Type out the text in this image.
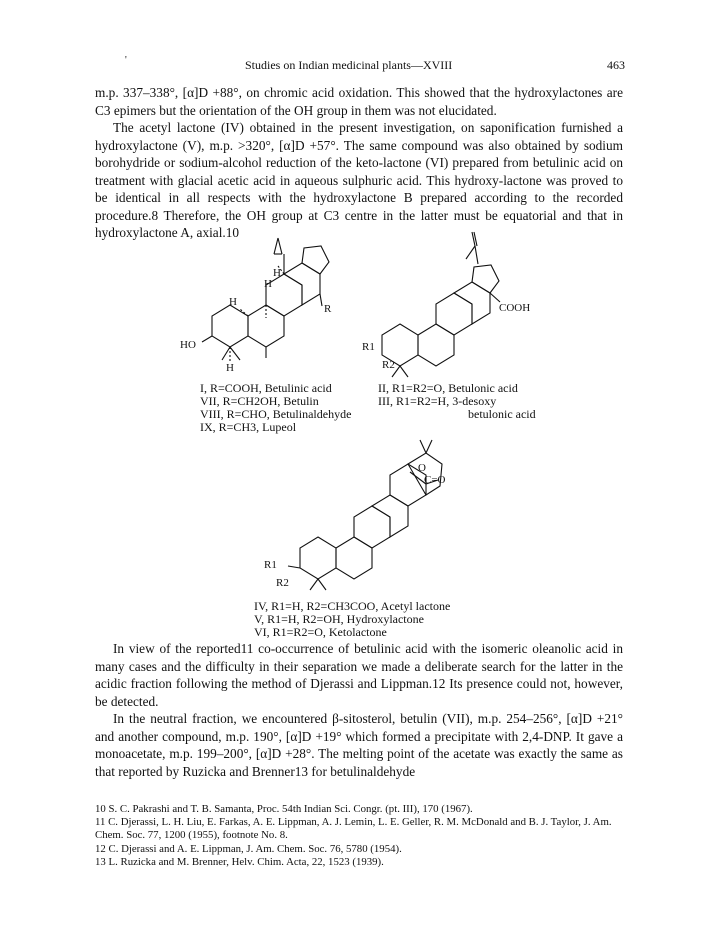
'	Studies on Indian medicinal plants—XVIII	463

m.p. 337–338°, [α]D +88°, on chromic acid oxidation. This showed that the hydroxylactones are C3 epimers but the orientation of the OH group in them was not elucidated.

The acetyl lactone (IV) obtained in the present investigation, on saponification furnished a hydroxylactone (V), m.p. >320°, [α]D +57°. The same compound was also obtained by sodium borohydride or sodium-alcohol reduction of the keto-lactone (VI) prepared from betulinic acid on treatment with glacial acetic acid in aqueous sulphuric acid. This hydroxy-lactone was proved to be identical in all respects with the hydroxylactone B prepared according to the recorded procedure.8 Therefore, the OH group at C3 centre in the latter must be equatorial and that in hydroxylactone A, axial.10

H
H
H
R
HO
H
COOH
R1
R2
O
C=O
R1
R2
I, R=COOH, Betulinic acid
VII, R=CH2OH, Betulin
VIII, R=CHO, Betulinaldehyde
IX, R=CH3, Lupeol
II, R1=R2=O, Betulonic acid
III, R1=R2=H, 3-desoxy
betulonic acid
IV, R1=H, R2=CH3COO, Acetyl lactone
V, R1=H, R2=OH, Hydroxylactone
VI, R1=R2=O, Ketolactone

In view of the reported11 co-occurrence of betulinic acid with the isomeric oleanolic acid in many cases and the difficulty in their separation we made a deliberate search for the latter in the acidic fraction following the method of Djerassi and Lippman.12 Its presence could not, however, be detected.

In the neutral fraction, we encountered β-sitosterol, betulin (VII), m.p. 254–256°, [α]D +21° and another compound, m.p. 190°, [α]D +19° which formed a precipitate with 2,4-DNP. It gave a monoacetate, m.p. 199–200°, [α]D +28°. The melting point of the acetate was exactly the same as that reported by Ruzicka and Brenner13 for betulinaldehyde

10 S. C. Pakrashi and T. B. Samanta, Proc. 54th Indian Sci. Congr. (pt. III), 170 (1967).
11 C. Djerassi, L. H. Liu, E. Farkas, A. E. Lippman, A. J. Lemin, L. E. Geller, R. M. McDonald and B. J. Taylor, J. Am. Chem. Soc. 77, 1200 (1955), footnote No. 8.
12 C. Djerassi and A. E. Lippman, J. Am. Chem. Soc. 76, 5780 (1954).
13 L. Ruzicka and M. Brenner, Helv. Chim. Acta, 22, 1523 (1939).
